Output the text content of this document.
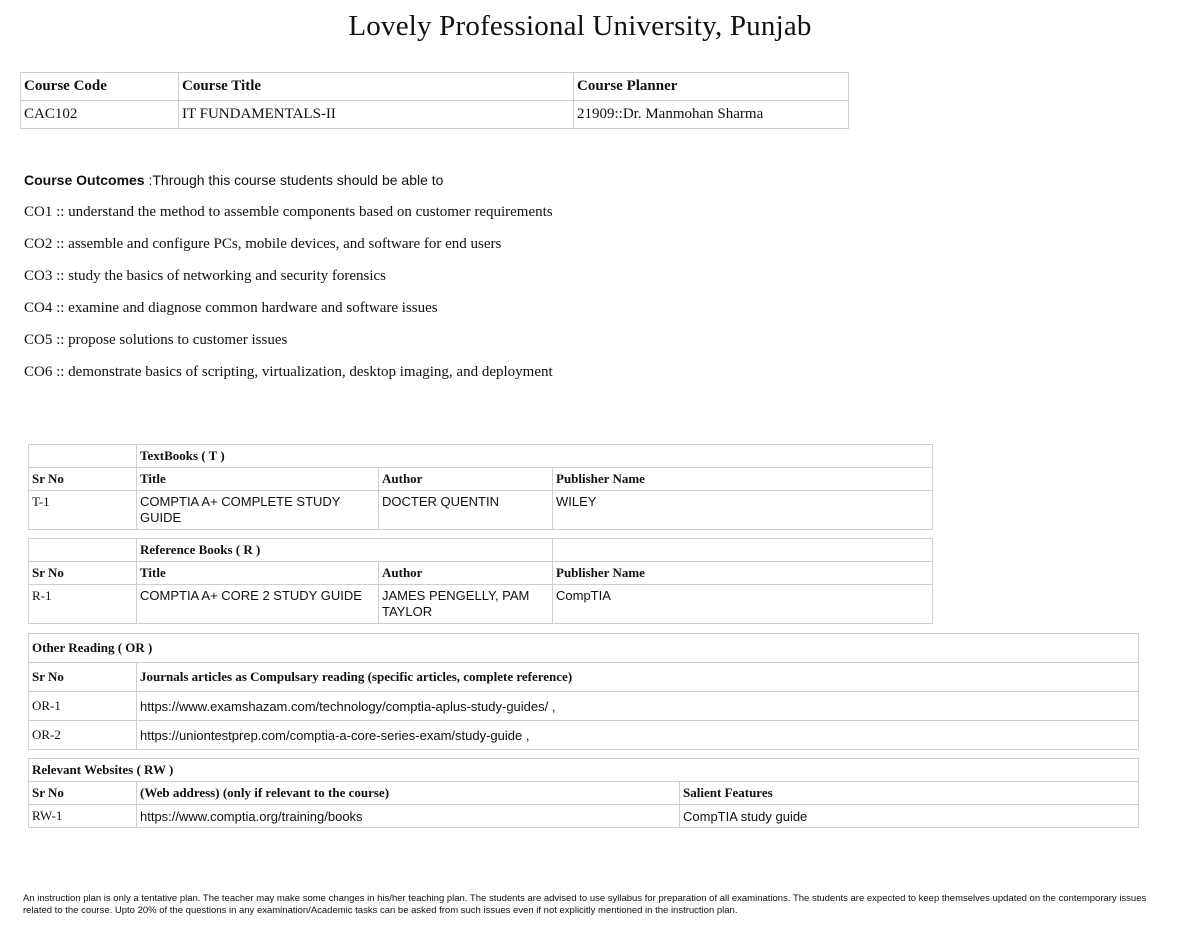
Lovely Professional University, Punjab
Course Code	Course Title	Course Planner
CAC102	IT FUNDAMENTALS-II	21909::Dr. Manmohan Sharma
Course Outcomes :Through this course students should be able to
CO1 :: understand the method to assemble components based on customer requirements
CO2 :: assemble and configure PCs, mobile devices, and software for end users
CO3 :: study the basics of networking and security forensics
CO4 :: examine and diagnose common hardware and software issues
CO5 :: propose solutions to customer issues
CO6 :: demonstrate basics of scripting, virtualization, desktop imaging, and deployment
	TextBooks ( T )		
Sr No	Title	Author	Publisher Name
T-1	COMPTIA A+ COMPLETE STUDY GUIDE	DOCTER QUENTIN	WILEY
	Reference Books ( R )		
Sr No	Title	Author	Publisher Name
R-1	COMPTIA A+ CORE 2 STUDY GUIDE	JAMES PENGELLY, PAM TAYLOR	CompTIA
Other Reading ( OR )	
Sr No	Journals articles as Compulsary reading (specific articles, complete reference)
OR-1	https://www.examshazam.com/technology/comptia-aplus-study-guides/ ,
OR-2	https://uniontestprep.com/comptia-a-core-series-exam/study-guide ,
Relevant Websites ( RW )		
Sr No	(Web address) (only if relevant to the course)	Salient Features
RW-1	https://www.comptia.org/training/books	CompTIA study guide
An instruction plan is only a tentative plan. The teacher may make some changes in his/her teaching plan. The students are advised to use syllabus for preparation of all examinations. The students are expected to keep themselves updated on the contemporary issues related to the course. Upto 20% of the questions in any examination/Academic tasks can be asked from such issues even if not explicitly mentioned in the instruction plan.
